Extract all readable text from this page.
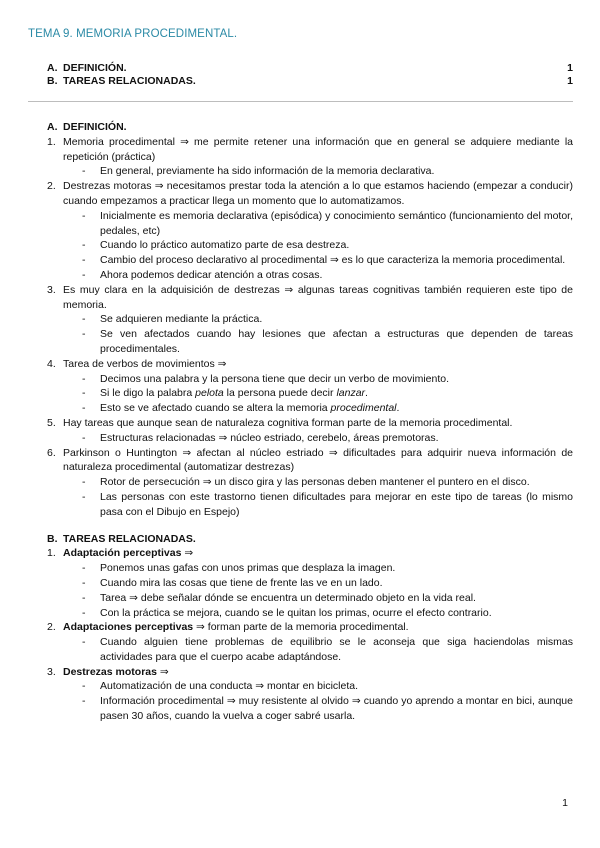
TEMA 9. MEMORIA PROCEDIMENTAL.
A. DEFINICIÓN.	1
B. TAREAS RELACIONADAS.	1
A. DEFINICIÓN.
1. Memoria procedimental ⇒ me permite retener una información que en general se adquiere mediante la repetición (práctica)
-	En general, previamente ha sido información de la memoria declarativa.
2. Destrezas motoras ⇒ necesitamos prestar toda la atención a lo que estamos haciendo (empezar a conducir) cuando empezamos a practicar llega un momento que lo automatizamos.
-	Inicialmente es memoria declarativa (episódica) y conocimiento semántico (funcionamiento del motor, pedales, etc)
-	Cuando lo práctico automatizo parte de esa destreza.
-	Cambio del proceso declarativo al procedimental ⇒ es lo que caracteriza la memoria procedimental.
-	Ahora podemos dedicar atención a otras cosas.
3. Es muy clara en la adquisición de destrezas ⇒ algunas tareas cognitivas también requieren este tipo de memoria.
-	Se adquieren mediante la práctica.
-	Se ven afectados cuando hay lesiones que afectan a estructuras que dependen de tareas procedimentales.
4. Tarea de verbos de movimientos ⇒
-	Decimos una palabra y la persona tiene que decir un verbo de movimiento.
-	Si le digo la palabra pelota la persona puede decir lanzar.
-	Esto se ve afectado cuando se altera la memoria procedimental.
5. Hay tareas que aunque sean de naturaleza cognitiva forman parte de la memoria procedimental.
-	Estructuras relacionadas ⇒ núcleo estriado, cerebelo, áreas premotoras.
6. Parkinson o Huntington ⇒ afectan al núcleo estriado ⇒ dificultades para adquirir nueva información de naturaleza procedimental (automatizar destrezas)
-	Rotor de persecución ⇒ un disco gira y las personas deben mantener el puntero en el disco.
-	Las personas con este trastorno tienen dificultades para mejorar en este tipo de tareas (lo mismo pasa con el Dibujo en Espejo)
B. TAREAS RELACIONADAS.
1. Adaptación perceptivas ⇒
-	Ponemos unas gafas con unos primas que desplaza la imagen.
-	Cuando mira las cosas que tiene de frente las ve en un lado.
-	Tarea ⇒ debe señalar dónde se encuentra un determinado objeto en la vida real.
-	Con la práctica se mejora, cuando se le quitan los primas, ocurre el efecto contrario.
2. Adaptaciones perceptivas ⇒ forman parte de la memoria procedimental.
-	Cuando alguien tiene problemas de equilibrio se le aconseja que siga haciendolas mismas actividades para que el cuerpo acabe adaptándose.
3. Destrezas motoras ⇒
-	Automatización de una conducta ⇒ montar en bicicleta.
-	Información procedimental ⇒ muy resistente al olvido ⇒ cuando yo aprendo a montar en bici, aunque pasen 30 años, cuando la vuelva a coger sabré usarla.
1
